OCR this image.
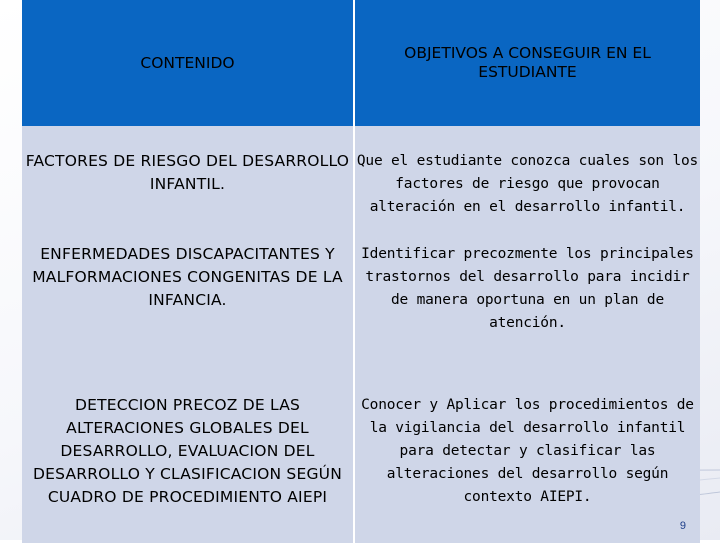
CONTENIDO	OBJETIVOS A CONSEGUIR EN EL ESTUDIANTE

FACTORES DE RIESGO DEL DESARROLLO INFANTIL.	Que el estudiante conozca cuales son los factores de riesgo que provocan alteración en el desarrollo infantil.

ENFERMEDADES DISCAPACITANTES Y MALFORMACIONES CONGENITAS DE LA INFANCIA.	Identificar precozmente los principales trastornos del desarrollo para incidir de manera oportuna en un plan de atención.

DETECCION PRECOZ DE LAS ALTERACIONES GLOBALES DEL DESARROLLO, EVALUACION DEL DESARROLLO Y CLASIFICACION SEGÚN CUADRO DE PROCEDIMIENTO AIEPI	Conocer y Aplicar los procedimientos de la vigilancia del desarrollo infantil para detectar y clasificar las alteraciones del desarrollo según contexto AIEPI.
9
